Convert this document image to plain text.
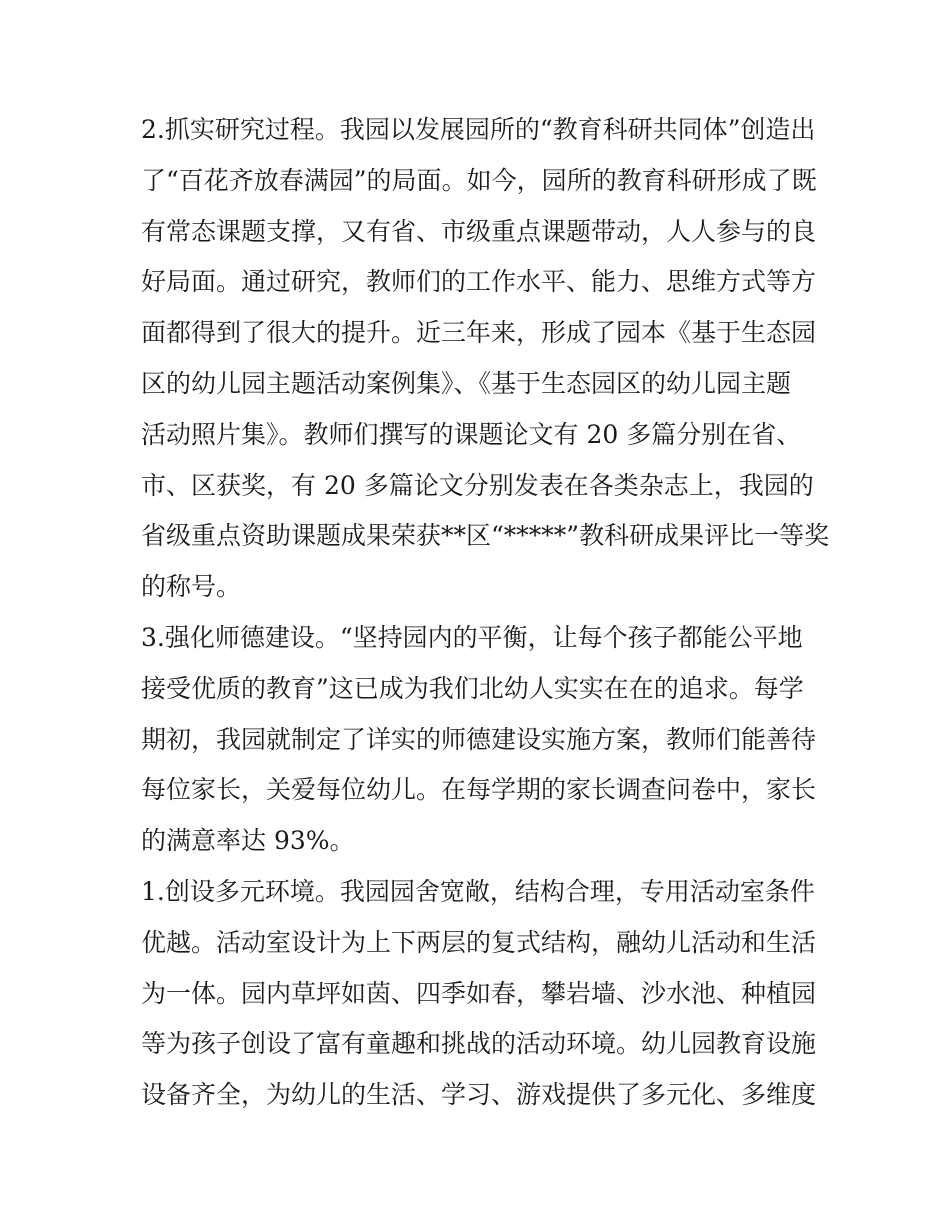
2.抓实研究过程。我园以发展园所的“教育科研共同体”创造出
了“百花齐放春满园”的局面。如今，园所的教育科研形成了既
有常态课题支撑，又有省、市级重点课题带动，人人参与的良
好局面。通过研究，教师们的工作水平、能力、思维方式等方
面都得到了很大的提升。近三年来，形成了园本《基于生态园
区的幼儿园主题活动案例集》、《基于生态园区的幼儿园主题
活动照片集》。教师们撰写的课题论文有 20 多篇分别在省、
市、区获奖，有 20 多篇论文分别发表在各类杂志上，我园的
省级重点资助课题成果荣获**区“*****”教科研成果评比一等奖
的称号。
3.强化师德建设。“坚持园内的平衡，让每个孩子都能公平地
接受优质的教育”这已成为我们北幼人实实在在的追求。每学
期初，我园就制定了详实的师德建设实施方案，教师们能善待
每位家长，关爱每位幼儿。在每学期的家长调查问卷中，家长
的满意率达 93%。
1.创设多元环境。我园园舍宽敞，结构合理，专用活动室条件
优越。活动室设计为上下两层的复式结构，融幼儿活动和生活
为一体。园内草坪如茵、四季如春，攀岩墙、沙水池、种植园
等为孩子创设了富有童趣和挑战的活动环境。幼儿园教育设施
设备齐全，为幼儿的生活、学习、游戏提供了多元化、多维度
